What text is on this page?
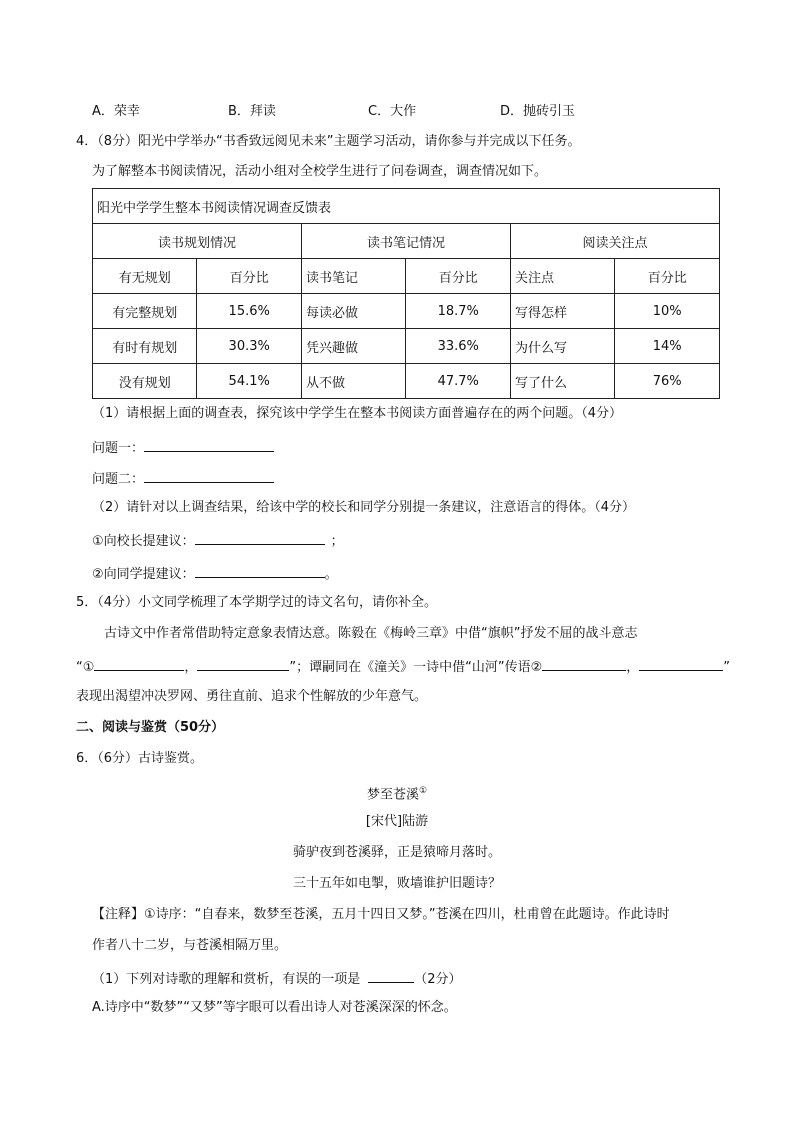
A．荣幸	B．拜读	C．大作	D．抛砖引玉
4．（8分）阳光中学举办“书香致远阅见未来”主题学习活动，请你参与并完成以下任务。
为了解整本书阅读情况，活动小组对全校学生进行了问卷调查，调查情况如下。
阳光中学学生整本书阅读情况调查反馈表					
读书规划情况		读书笔记情况		阅读关注点	
有无规划	百分比	读书笔记	百分比	关注点	百分比
有完整规划	15.6%	每读必做	18.7%	写得怎样	10%
有时有规划	30.3%	凭兴趣做	33.6%	为什么写	14%
没有规划	54.1%	从不做	47.7%	写了什么	76%
（1）请根据上面的调查表，探究该中学学生在整本书阅读方面普遍存在的两个问题。（4分）
问题一：
问题二：
（2）请针对以上调查结果，给该中学的校长和同学分别提一条建议，注意语言的得体。（4分）
①向校长提建议：	；
②向同学提建议：	。
5．（4分）小文同学梳理了本学期学过的诗文名句，请你补全。
古诗文中作者常借助特定意象表情达意。陈毅在《梅岭三章》中借“旗帜”抒发不屈的战斗意志
“①	，	”；谭嗣同在《潼关》一诗中借“山河”传语②	，	”
表现出渴望冲决罗网、勇往直前、追求个性解放的少年意气。
二、阅读与鉴赏（50分）
6．（6分）古诗鉴赏。
梦至苍溪①
[宋代]陆游
骑驴夜到苍溪驿，正是猿啼月落时。
三十五年如电掣，败墙谁护旧题诗？
【注释】①诗序：“自春来，数梦至苍溪，五月十四日又梦。”苍溪在四川，杜甫曾在此题诗。作此诗时
作者八十二岁，与苍溪相隔万里。
（1）下列对诗歌的理解和赏析，有误的一项是	（2分）
A.诗序中“数梦”“又梦”等字眼可以看出诗人对苍溪深深的怀念。
